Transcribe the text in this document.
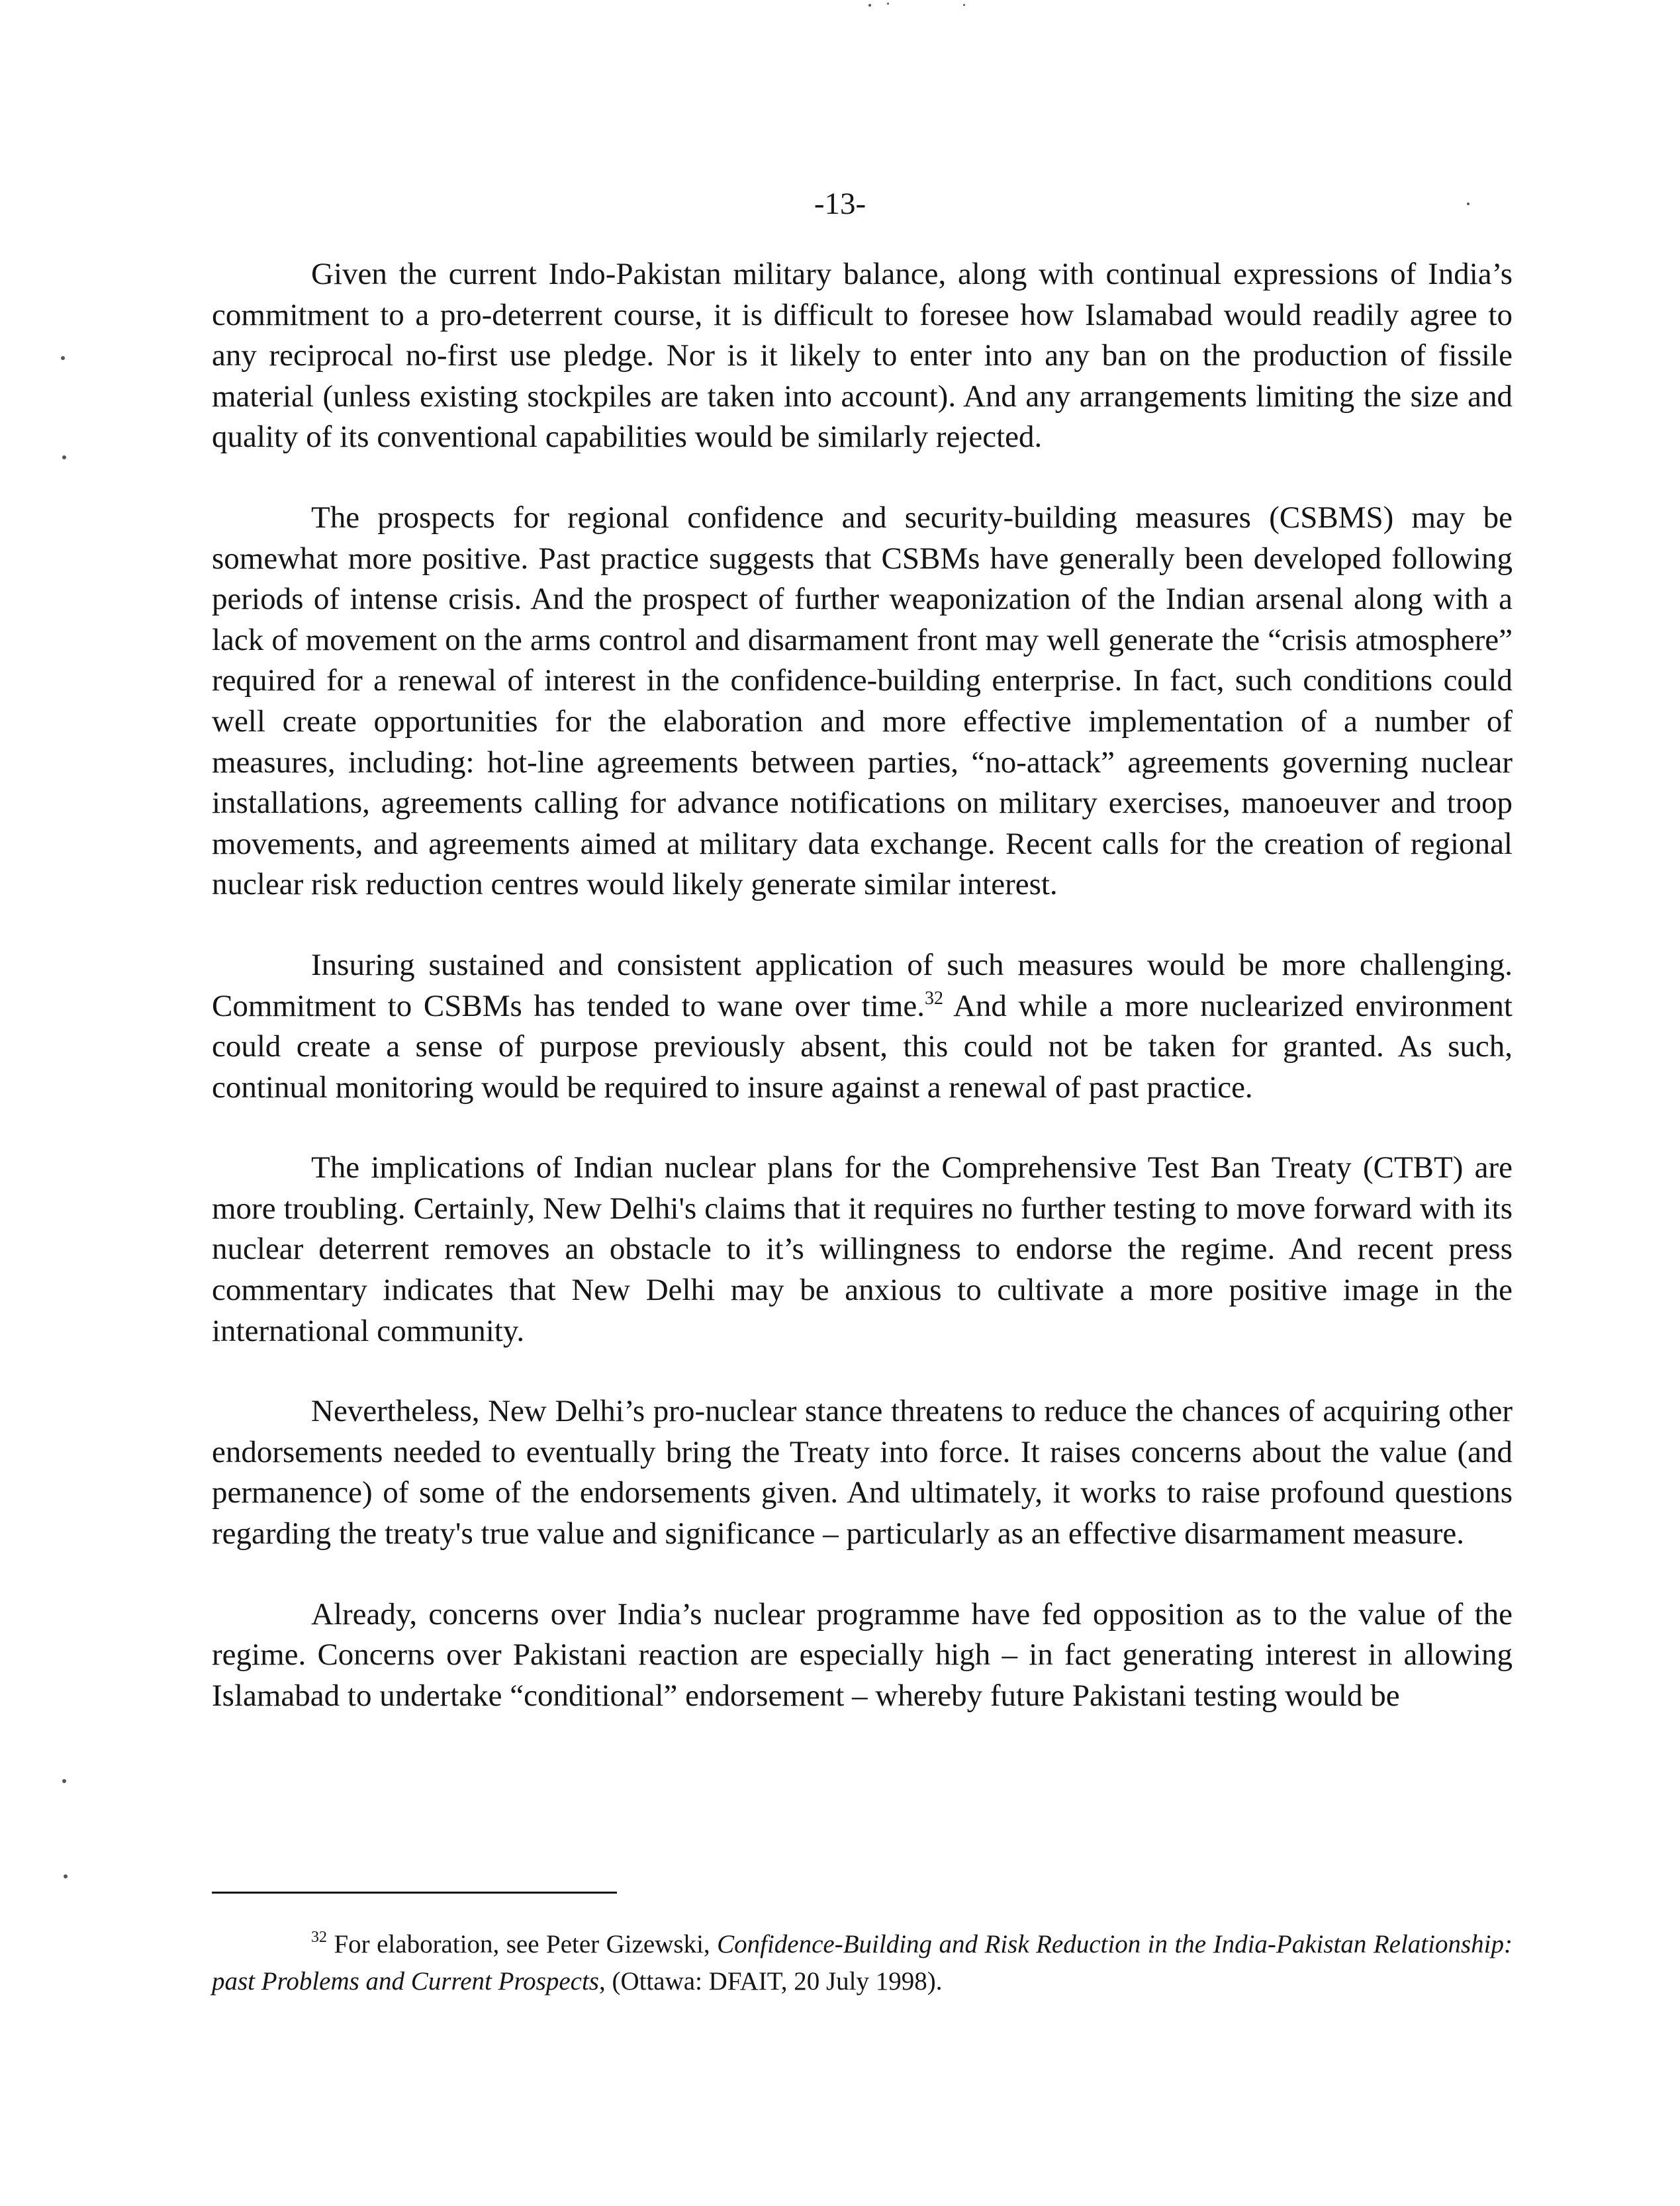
-13-

Given the current Indo-Pakistan military balance, along with continual expressions of India’s commitment to a pro-deterrent course, it is difficult to foresee how Islamabad would readily agree to any reciprocal no-first use pledge. Nor is it likely to enter into any ban on the production of fissile material (unless existing stockpiles are taken into account). And any arrangements limiting the size and quality of its conventional capabilities would be similarly rejected.

The prospects for regional confidence and security-building measures (CSBMS) may be somewhat more positive. Past practice suggests that CSBMs have generally been developed following periods of intense crisis. And the prospect of further weaponization of the Indian arsenal along with a lack of movement on the arms control and disarmament front may well generate the “crisis atmosphere” required for a renewal of interest in the confidence-building enterprise. In fact, such conditions could well create opportunities for the elaboration and more effective implementation of a number of measures, including: hot-line agreements between parties, “no-attack” agreements governing nuclear installations, agreements calling for advance notifications on military exercises, manoeuver and troop movements, and agreements aimed at military data exchange. Recent calls for the creation of regional nuclear risk reduction centres would likely generate similar interest.

Insuring sustained and consistent application of such measures would be more challenging. Commitment to CSBMs has tended to wane over time.$^{32}$ And while a more nuclearized environment could create a sense of purpose previously absent, this could not be taken for granted. As such, continual monitoring would be required to insure against a renewal of past practice.

The implications of Indian nuclear plans for the Comprehensive Test Ban Treaty (CTBT) are more troubling. Certainly, New Delhi's claims that it requires no further testing to move forward with its nuclear deterrent removes an obstacle to it’s willingness to endorse the regime. And recent press commentary indicates that New Delhi may be anxious to cultivate a more positive image in the international community.

Nevertheless, New Delhi’s pro-nuclear stance threatens to reduce the chances of acquiring other endorsements needed to eventually bring the Treaty into force. It raises concerns about the value (and permanence) of some of the endorsements given. And ultimately, it works to raise profound questions regarding the treaty's true value and significance – particularly as an effective disarmament measure.

Already, concerns over India’s nuclear programme have fed opposition as to the value of the regime. Concerns over Pakistani reaction are especially high – in fact generating interest in allowing Islamabad to undertake “conditional” endorsement – whereby future Pakistani testing would be

$^{32}$ For elaboration, see Peter Gizewski, Confidence-Building and Risk Reduction in the India-Pakistan Relationship: past Problems and Current Prospects, (Ottawa: DFAIT, 20 July 1998).
